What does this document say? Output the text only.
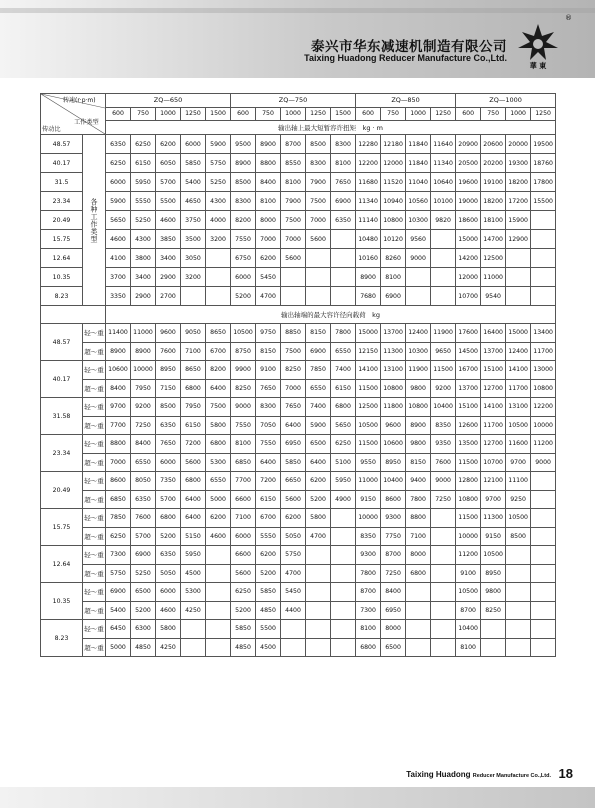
泰兴市华东减速机制造有限公司
Taixing Huadong Reducer Manufacture Co.,Ltd.
華 東
®
转速(r·p·m)
工作类型
传动比		ZQ—650					ZQ—750					ZQ—850				ZQ—1000			
		600	750	1000	1250	1500	600	750	1000	1250	1500	600	750	1000	1250	600	750	1000	1250
		输出轴上最大短暂容许扭矩　kg · m																	
48.57	各种工作类型	6350	6250	6200	6000	5900	9500	8900	8700	8500	8300	12280	12180	11840	11640	20900	20600	20000	19500
40.17		6250	6150	6050	5850	5750	8900	8800	8550	8300	8100	12200	12000	11840	11340	20500	20200	19300	18760
31.5		6000	5950	5700	5400	5250	8500	8400	8100	7900	7650	11680	11520	11040	10640	19600	19100	18200	17800
23.34		5900	5550	5500	4650	4300	8300	8100	7900	7500	6900	11340	10940	10560	10100	19000	18200	17200	15500
20.49		5650	5250	4600	3750	4000	8200	8000	7500	7000	6350	11140	10800	10300	9820	18600	18100	15900	
15.75		4600	4300	3850	3500	3200	7550	7000	7000	5600		10480	10120	9560		15000	14700	12900	
12.64		4100	3800	3400	3050		6750	6200	5600			10160	8260	9000		14200	12500		
10.35		3700	3400	2900	3200		6000	5450				8900	8100			12000	11000		
8.23		3350	2900	2700			5200	4700				7680	6900			10700	9540		
		输出轴端的最大容许径向载荷　kg																	
48.57	轻～重	11400	11000	9600	9050	8650	10500	9750	8850	8150	7800	15000	13700	12400	11900	17600	16400	15000	13400
	超～重	8900	8900	7600	7100	6700	8750	8150	7500	6900	6550	12150	11300	10300	9650	14500	13700	12400	11700
40.17	轻～重	10600	10000	8950	8650	8200	9900	9100	8250	7850	7400	14100	13100	11900	11500	16700	15100	14100	13000
	超～重	8400	7950	7150	6800	6400	8250	7650	7000	6550	6150	11500	10800	9800	9200	13700	12700	11700	10800
31.58	轻～重	9700	9200	8500	7950	7500	9000	8300	7650	7400	6800	12500	11800	10800	10400	15100	14100	13100	12200
	超～重	7700	7250	6350	6150	5800	7550	7050	6400	5900	5650	10500	9600	8900	8350	12600	11700	10500	10000
23.34	轻～重	8800	8400	7650	7200	6800	8100	7550	6950	6500	6250	11500	10600	9800	9350	13500	12700	11600	11200
	超～重	7000	6550	6000	5600	5300	6850	6400	5850	6400	5100	9550	8950	8150	7600	11500	10700	9700	9000
20.49	轻～重	8600	8050	7350	6800	6550	7700	7200	6650	6200	5950	11000	10400	9400	9000	12800	12100	11100	
	超～重	6850	6350	5700	6400	5000	6600	6150	5600	5200	4900	9150	8600	7800	7250	10800	9700	9250	
15.75	轻～重	7850	7600	6800	6400	6200	7100	6700	6200	5800		10000	9300	8800		11500	11300	10500	
	超～重	6250	5700	5200	5150	4600	6000	5550	5050	4700		8350	7750	7100		10000	9150	8500	
12.64	轻～重	7300	6900	6350	5950		6600	6200	5750			9300	8700	8000		11200	10500		
	超～重	5750	5250	5050	4500		5600	5200	4700			7800	7250	6800		9100	8950		
10.35	轻～重	6900	6500	6000	5300		6250	5850	5450			8700	8400			10500	9800		
	超～重	5400	5200	4600	4250		5200	4850	4400			7300	6950			8700	8250		
8.23	轻～重	6450	6300	5800			5850	5500				8100	8000			10400			
	超～重	5000	4850	4250			4850	4500				6800	6500			8100			
Taixing Huadong Reducer Manufacture Co.,Ltd. 18
